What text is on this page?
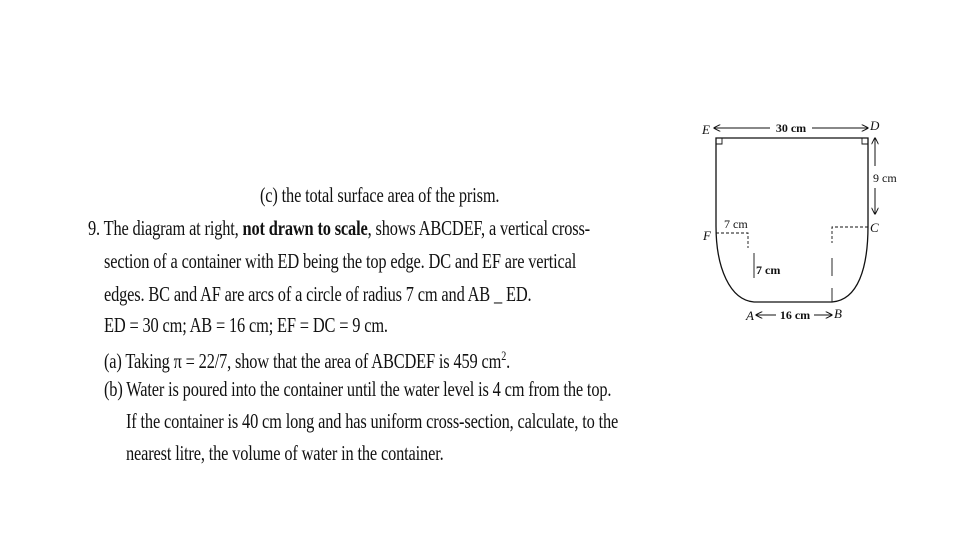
(c) the total surface area of the prism.
9. The diagram at right, not drawn to scale, shows ABCDEF, a vertical cross-
section of a container with ED being the top edge. DC and EF are vertical
edges. BC and AF are arcs of a circle of radius 7 cm and AB _ ED.
ED = 30 cm; AB = 16 cm; EF = DC = 9 cm.
(a) Taking π = 22/7, show that the area of ABCDEF is 459 $cm^2$.
(b) Water is poured into the container until the water level is 4 cm from the top.
If the container is 40 cm long and has uniform cross-section, calculate, to the
nearest litre, the volume of water in the container.
30 cm
9 cm
7 cm
7 cm
16 cm
E	D
F
C
A	B
